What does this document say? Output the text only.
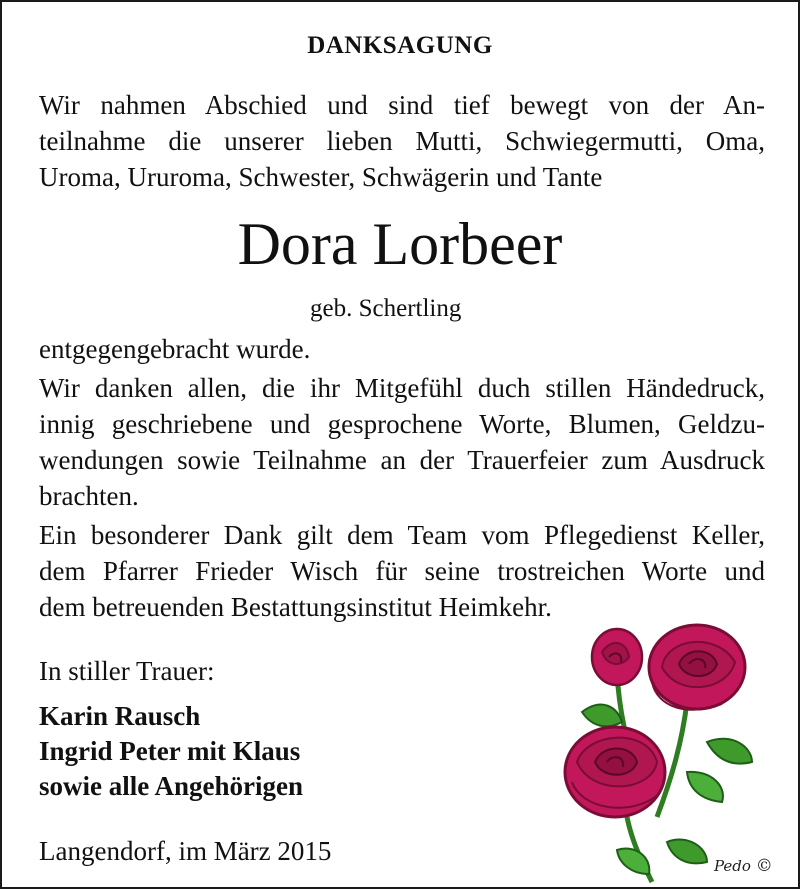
DANKSAGUNG
Wir nahmen Abschied und sind tief bewegt von der An-
teilnahme die unserer lieben Mutti, Schwiegermutti, Oma,
Uroma, Ururoma, Schwester, Schwägerin und Tante
Dora Lorbeer
geb. Schertling
entgegengebracht wurde.
Wir danken allen, die ihr Mitgefühl duch stillen Händedruck,
innig geschriebene und gesprochene Worte, Blumen, Geldzu-
wendungen sowie Teilnahme an der Trauerfeier zum Ausdruck
brachten.
Ein besonderer Dank gilt dem Team vom Pflegedienst Keller,
dem Pfarrer Frieder Wisch für seine trostreichen Worte und
dem betreuenden Bestattungsinstitut Heimkehr.
In stiller Trauer:
Karin Rausch
Ingrid Peter mit Klaus
sowie alle Angehörigen
Langendorf, im März 2015	Pedo ©
